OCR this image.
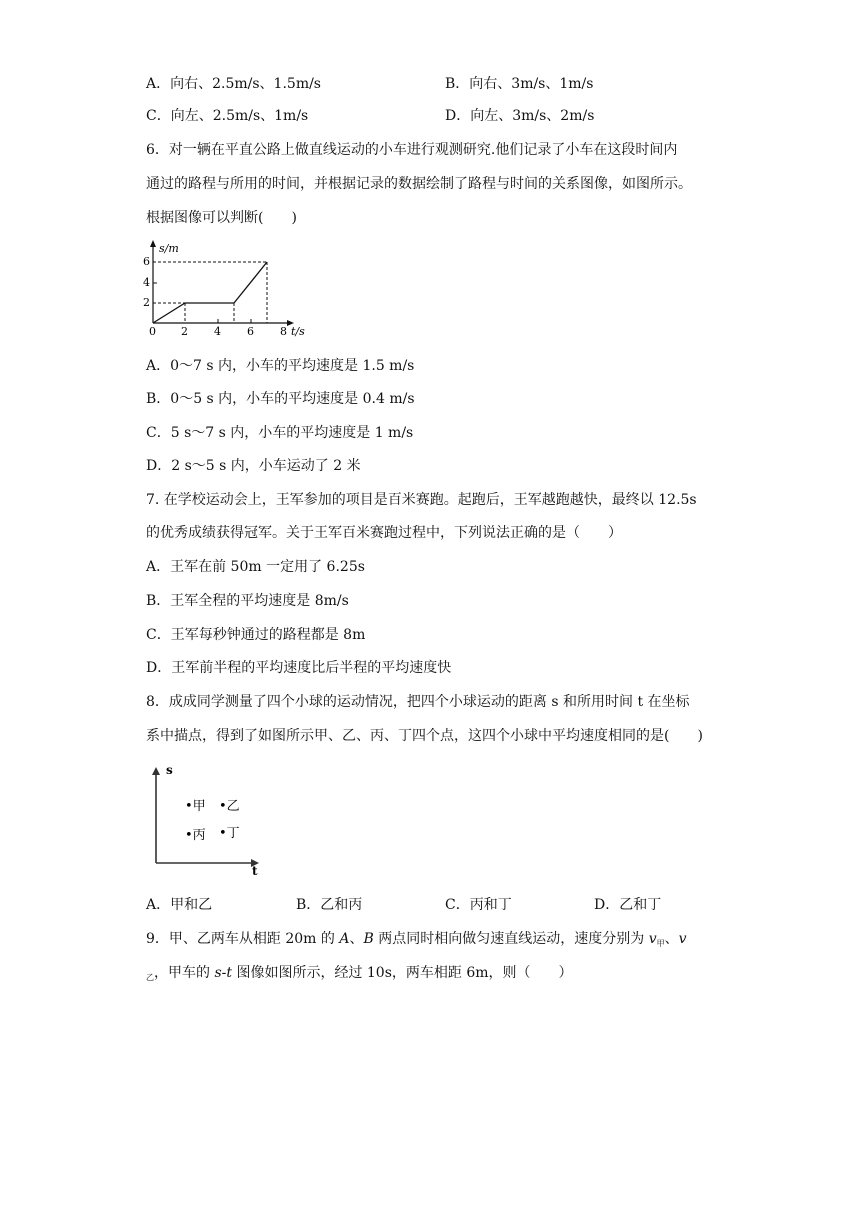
A．向右、2.5m/s、1.5m/s	B．向右、3m/s、1m/s
C．向左、2.5m/s、1m/s	D．向左、3m/s、2m/s
6．对一辆在平直公路上做直线运动的小车进行观测研究.他们记录了小车在这段时间内
通过的路程与所用的时间，并根据记录的数据绘制了路程与时间的关系图像，如图所示。
根据图像可以判断(　　)
s/m
t/s
6
4
2
0 2 4 6 8
A．0～7 s 内，小车的平均速度是 1.5 m/s
B．0～5 s 内，小车的平均速度是 0.4 m/s
C．5 s～7 s 内，小车的平均速度是 1 m/s
D．2 s～5 s 内，小车运动了 2 米
7. 在学校运动会上，王军参加的项目是百米赛跑。起跑后，王军越跑越快，最终以 12.5s
的优秀成绩获得冠军。关于王军百米赛跑过程中，下列说法正确的是（　　）
A．王军在前 50m 一定用了 6.25s
B．王军全程的平均速度是 8m/s
C．王军每秒钟通过的路程都是 8m
D．王军前半程的平均速度比后半程的平均速度快
8．成成同学测量了四个小球的运动情况，把四个小球运动的距离 s 和所用时间 t 在坐标
系中描点，得到了如图所示甲、乙、丙、丁四个点，这四个小球中平均速度相同的是(　　)
s
t
•甲 •乙
•丙 •丁
A．甲和乙	B．乙和丙	C．丙和丁	D．乙和丁
9．甲、乙两车从相距 20m 的 A、B 两点同时相向做匀速直线运动，速度分别为 $v_甲$、v
$_乙$，甲车的 s-t 图像如图所示，经过 10s，两车相距 6m，则（　　）
